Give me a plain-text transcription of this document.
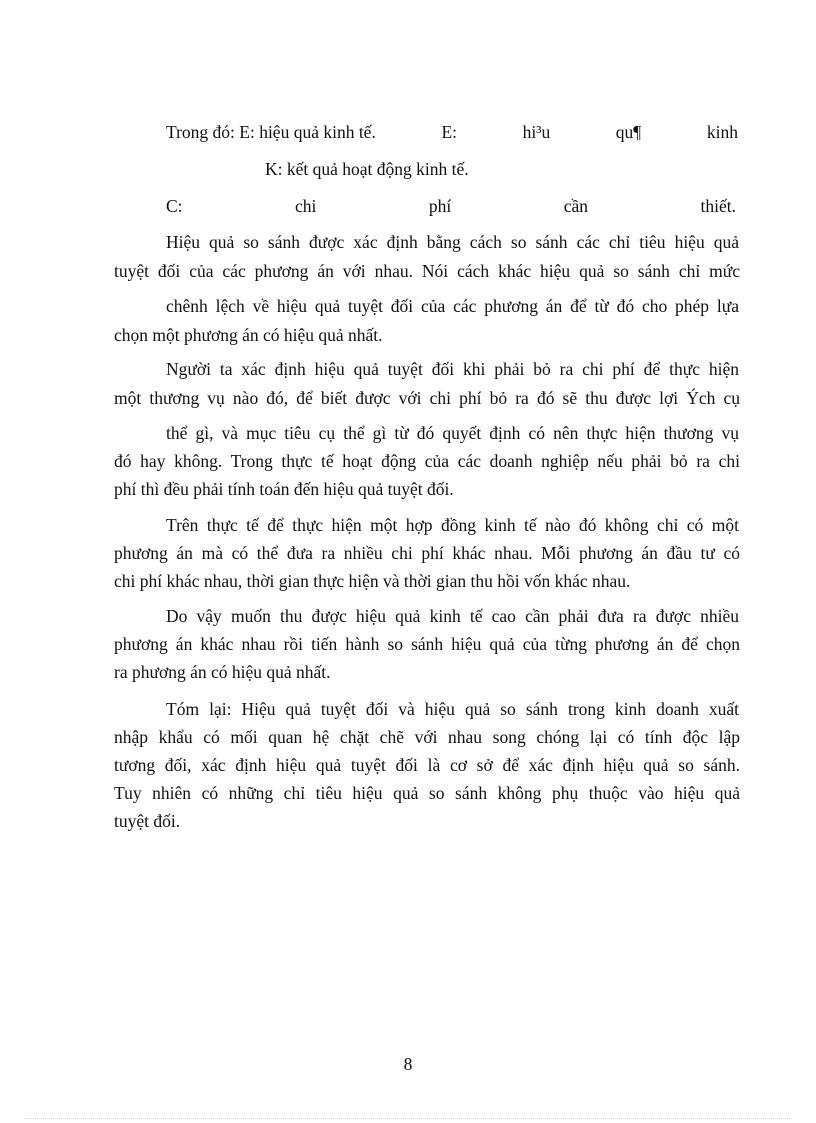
Trong đó: E: hiệu quả kinh tế.	E:	hi³u	qu¶	kinh

K: kết quả hoạt động kinh tế.

C:	chi	phí	cần	thiết.

Hiệu quả so sánh được xác định bằng cách so sánh các chỉ tiêu hiệu quả

tuyệt đối của các phương án với nhau. Nói cách khác hiệu quả so sánh chỉ mức

chênh lệch về hiệu quả tuyệt đối của các phương án để từ đó cho phép lựa

chọn một phương án có hiệu quả nhất.

Người ta xác định hiệu quả tuyệt đối khi phải bỏ ra chi phí để thực hiện

một thương vụ nào đó, để biết được với chi phí bỏ ra đó sẽ thu được lợi Ých cụ

thể gì, và mục tiêu cụ thể gì từ đó quyết định có nên thực hiện thương vụ

đó hay không. Trong thực tế hoạt động của các doanh nghiệp nếu phải bỏ ra chi

phí thì đều phải tính toán đến hiệu quả tuyệt đối.

Trên thực tế để thực hiện một hợp đồng kinh tế nào đó không chỉ có một

phương án mà có thể đưa ra nhiều chi phí khác nhau. Mỗi phương án đầu tư có

chi phí khác nhau, thời gian thực hiện và thời gian thu hồi vốn khác nhau.

Do vậy muốn thu được hiệu quả kinh tế cao cần phải đưa ra được nhiều

phương án khác nhau rồi tiến hành so sánh hiệu quả của từng phương án để chọn

ra phương án có hiệu quả nhất.

Tóm lại: Hiệu quả tuyệt đối và hiệu quả so sánh trong kinh doanh xuất

nhập khẩu có mối quan hệ chặt chẽ với nhau song chóng lại có tính độc lập

tương đối, xác định hiệu quả tuyệt đối là cơ sở để xác định hiệu quả so sánh.

Tuy nhiên có những chỉ tiêu hiệu quả so sánh không phụ thuộc vào hiệu quả

tuyệt đối.

8
